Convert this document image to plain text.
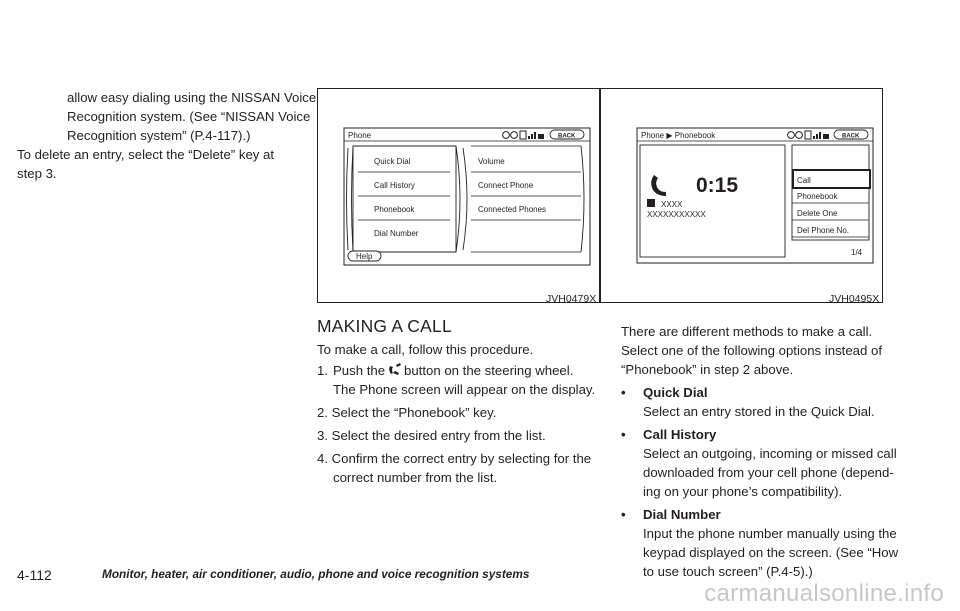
allow easy dialing using the NISSAN Voice
Recognition system. (See “NISSAN Voice
Recognition system” (P.4-117).)
To delete an entry, select the “Delete” key at
step 3.
Phone	BACK
Quick Dial
Call History
Phonebook
Dial Number
Volume
Connect Phone
Connected Phones
Help
JVH0479X
Phone ▶ Phonebook	BACK
0:15
XXXX
XXXXXXXXXXX
Call
Phonebook
Delete One
Del Phone No.
1/4
JVH0495X
MAKING A CALL
To make a call, follow this procedure.
1. Push the button on the steering wheel.
The Phone screen will appear on the display.
2. Select the “Phonebook” key.
3. Select the desired entry from the list.
4. Confirm the correct entry by selecting for the
correct number from the list.
There are different methods to make a call.
Select one of the following options instead of
“Phonebook” in step 2 above.
• Quick Dial
Select an entry stored in the Quick Dial.
• Call History
Select an outgoing, incoming or missed call
downloaded from your cell phone (depend-
ing on your phone’s compatibility).
• Dial Number
Input the phone number manually using the
keypad displayed on the screen. (See “How
to use touch screen” (P.4-5).)
4-112	Monitor, heater, air conditioner, audio, phone and voice recognition systems
carmanualsonline.info
